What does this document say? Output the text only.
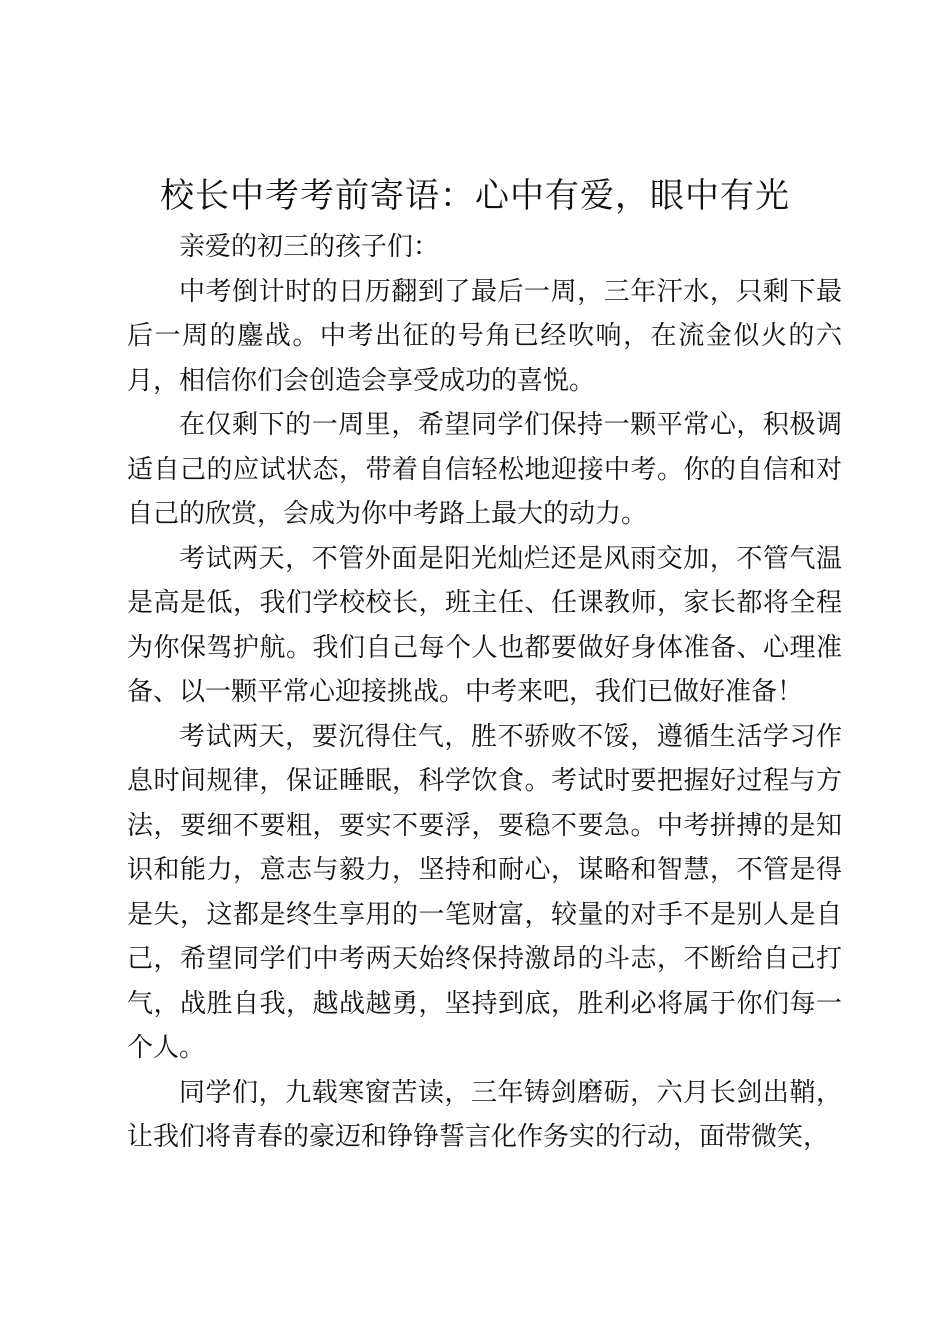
校长中考考前寄语：心中有爱，眼中有光

亲爱的初三的孩子们：

中考倒计时的日历翻到了最后一周，三年汗水，只剩下最后一周的鏖战。中考出征的号角已经吹响，在流金似火的六月，相信你们会创造会享受成功的喜悦。

在仅剩下的一周里，希望同学们保持一颗平常心，积极调适自己的应试状态，带着自信轻松地迎接中考。你的自信和对自己的欣赏，会成为你中考路上最大的动力。

考试两天，不管外面是阳光灿烂还是风雨交加，不管气温是高是低，我们学校校长，班主任、任课教师，家长都将全程为你保驾护航。我们自己每个人也都要做好身体准备、心理准备、以一颗平常心迎接挑战。中考来吧，我们已做好准备！

考试两天，要沉得住气，胜不骄败不馁，遵循生活学习作息时间规律，保证睡眠，科学饮食。考试时要把握好过程与方法，要细不要粗，要实不要浮，要稳不要急。中考拼搏的是知识和能力，意志与毅力，坚持和耐心，谋略和智慧，不管是得是失，这都是终生享用的一笔财富，较量的对手不是别人是自己，希望同学们中考两天始终保持激昂的斗志，不断给自己打气，战胜自我，越战越勇，坚持到底，胜利必将属于你们每一个人。

同学们，九载寒窗苦读，三年铸剑磨砺，六月长剑出鞘，让我们将青春的豪迈和铮铮誓言化作务实的行动，面带微笑，
